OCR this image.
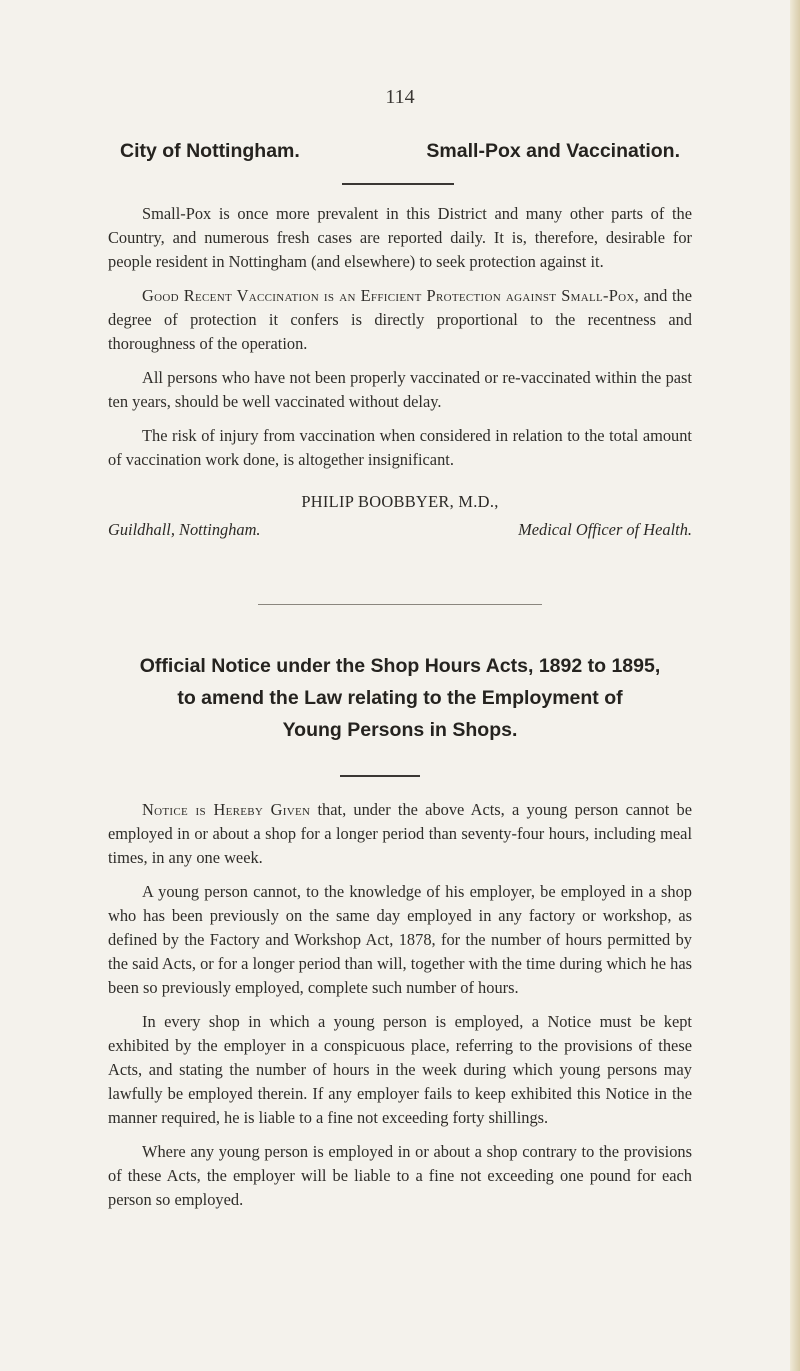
114
City of Nottingham.	Small-Pox and Vaccination.

Small-Pox is once more prevalent in this District and many other parts of the Country, and numerous fresh cases are reported daily. It is, therefore, desirable for people resident in Nottingham (and elsewhere) to seek protection against it.

Good Recent Vaccination is an Efficient Protection against Small-Pox, and the degree of protection it confers is directly proportional to the recentness and thoroughness of the operation.

All persons who have not been properly vaccinated or re-vaccinated within the past ten years, should be well vaccinated without delay.

The risk of injury from vaccination when considered in relation to the total amount of vaccination work done, is altogether insignificant.

PHILIP BOOBBYER, M.D.,
Guildhall, Nottingham.	Medical Officer of Health.
Official Notice under the Shop Hours Acts, 1892 to 1895,
to amend the Law relating to the Employment of
Young Persons in Shops.

Notice is Hereby Given that, under the above Acts, a young person cannot be employed in or about a shop for a longer period than seventy-four hours, including meal times, in any one week.

A young person cannot, to the knowledge of his employer, be employed in a shop who has been previously on the same day employed in any factory or workshop, as defined by the Factory and Workshop Act, 1878, for the number of hours permitted by the said Acts, or for a longer period than will, together with the time during which he has been so previously employed, complete such number of hours.

In every shop in which a young person is employed, a Notice must be kept exhibited by the employer in a conspicuous place, referring to the provisions of these Acts, and stating the number of hours in the week during which young persons may lawfully be employed therein. If any employer fails to keep exhibited this Notice in the manner required, he is liable to a fine not exceeding forty shillings.

Where any young person is employed in or about a shop contrary to the provisions of these Acts, the employer will be liable to a fine not exceeding one pound for each person so employed.
